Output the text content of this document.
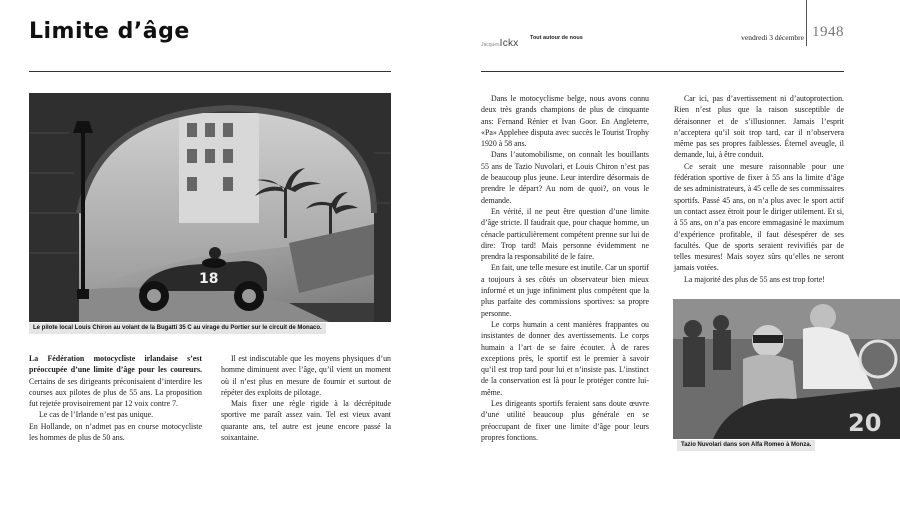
Limite d’âge
18
Le pilote local Louis Chiron au volant de la Bugatti 35 C au virage du Portier sur le circuit de Monaco.

La Fédération motocycliste irlandaise s’est préoccupée d’une limite d’âge pour les coureurs. Certains de ses dirigeants préconisaient d’interdire les courses aux pilotes de plus de 55 ans. La proposition fut rejetée provisoirement par 12 voix contre 7.

Le cas de l’Irlande n’est pas unique.

En Hollande, on n’admet pas en course motocycliste les hommes de plus de 50 ans.

Il est indiscutable que les moyens physiques d’un homme diminuent avec l’âge, qu’il vient un moment où il n’est plus en mesure de fournir et surtout de répéter des exploits de pilotage.

Mais fixer une règle rigide à la décrépitude sportive me paraît assez vain. Tel est vieux avant quarante ans, tel autre est jeune encore passé la soixantaine.

JacquesIckx Tout autour de nous	vendredi 3 décembre 1948

Dans le motocyclisme belge, nous avons connu deux très grands champions de plus de cinquante ans: Fernand Rénier et Ivan Goor. En Angleterre, «Pa» Applebee disputa avec succès le Tourist Trophy 1920 à 58 ans.

Dans l’automobilisme, on connaît les bouillants 55 ans de Tazio Nuvolari, et Louis Chiron n’est pas de beaucoup plus jeune. Leur interdire désormais de prendre le départ? Au nom de quoi?, on vous le demande.

En vérité, il ne peut être question d’une limite d’âge stricte. Il faudrait que, pour chaque homme, un cénacle particulièrement compétent prenne sur lui de dire: Trop tard! Mais personne évidemment ne prendra la responsabilité de le faire.

En fait, une telle mesure est inutile. Car un sportif a toujours à ses côtés un observateur bien mieux informé et un juge infiniment plus compétent que la plus parfaite des commissions sportives: sa propre personne.

Le corps humain a cent manières frappantes ou insistantes de donner des avertissements. Le corps humain a l’art de se faire écouter. À de rares exceptions près, le sportif est le premier à savoir qu’il est trop tard pour lui et n’insiste pas. L’instinct de la conservation est là pour le protéger contre lui-même.

Les dirigeants sportifs feraient sans doute œuvre d’une utilité beaucoup plus générale en se préoccupant de fixer une limite d’âge pour leurs propres fonctions.

Car ici, pas d’avertissement ni d’autoprotection. Rien n’est plus que la raison susceptible de déraisonner et de s’illusionner. Jamais l’esprit n’acceptera qu’il soit trop tard, car il n’observera même pas ses propres faiblesses. Éternel aveugle, il demande, lui, à être conduit.

Ce serait une mesure raisonnable pour une fédération sportive de fixer à 55 ans la limite d’âge de ses administrateurs, à 45 celle de ses commissaires sportifs. Passé 45 ans, on n’a plus avec le sport actif un contact assez étroit pour le diriger utilement. Et si, à 55 ans, on n’a pas encore emmagasiné le maximum d’expérience profitable, il faut désespérer de ses facultés. Que de sports seraient revivifiés par de telles mesures! Mais soyez sûrs qu’elles ne seront jamais votées.

La majorité des plus de 55 ans est trop forte!

20
Tazio Nuvolari dans son Alfa Romeo à Monza.
